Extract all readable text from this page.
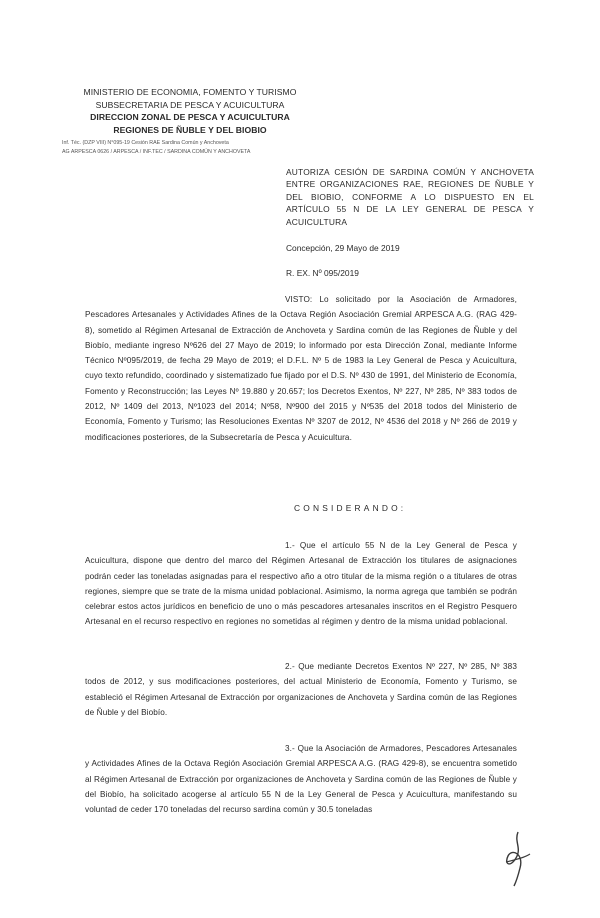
MINISTERIO DE ECONOMIA, FOMENTO Y TURISMO
SUBSECRETARIA DE PESCA Y ACUICULTURA
DIRECCION ZONAL DE PESCA Y ACUICULTURA
REGIONES DE ÑUBLE Y DEL BIOBIO
Inf. Téc. (DZP VIII) N°095-19 Cesión RAE Sardina Común y Anchoveta
AG ARPESCA 0626 / ARPESCA / INF.TEC / SARDINA COMÚN Y ANCHOVETA
AUTORIZA CESIÓN DE SARDINA COMÚN Y ANCHOVETA ENTRE ORGANIZACIONES RAE, REGIONES DE ÑUBLE Y DEL BIOBIO, CONFORME A LO DISPUESTO EN EL ARTÍCULO 55 N DE LA LEY GENERAL DE PESCA Y ACUICULTURA
Concepción, 29 Mayo de 2019
R. EX. Nº 095/2019
VISTO: Lo solicitado por la Asociación de Armadores, Pescadores Artesanales y Actividades Afines de la Octava Región Asociación Gremial ARPESCA A.G. (RAG 429-8), sometido al Régimen Artesanal de Extracción de Anchoveta y Sardina común de las Regiones de Ñuble y del Biobío, mediante ingreso Nº626 del 27 Mayo de 2019; lo informado por esta Dirección Zonal, mediante Informe Técnico Nº095/2019, de fecha 29 Mayo de 2019; el D.F.L. Nº 5 de 1983 la Ley General de Pesca y Acuicultura, cuyo texto refundido, coordinado y sistematizado fue fijado por el D.S. Nº 430 de 1991, del Ministerio de Economía, Fomento y Reconstrucción; las Leyes Nº 19.880 y 20.657; los Decretos Exentos, Nº 227, Nº 285, Nº 383 todos de 2012, Nº 1409 del 2013, Nº1023 del 2014; Nº58, Nº900 del 2015 y Nº535 del 2018 todos del Ministerio de Economía, Fomento y Turismo; las Resoluciones Exentas Nº 3207 de 2012, Nº 4536 del 2018 y Nº 266 de 2019 y modificaciones posteriores, de la Subsecretaría de Pesca y Acuicultura.
CONSIDERANDO:
1.- Que el artículo 55 N de la Ley General de Pesca y Acuicultura, dispone que dentro del marco del Régimen Artesanal de Extracción los titulares de asignaciones podrán ceder las toneladas asignadas para el respectivo año a otro titular de la misma región o a titulares de otras regiones, siempre que se trate de la misma unidad poblacional. Asimismo, la norma agrega que también se podrán celebrar estos actos jurídicos en beneficio de uno o más pescadores artesanales inscritos en el Registro Pesquero Artesanal en el recurso respectivo en regiones no sometidas al régimen y dentro de la misma unidad poblacional.
2.- Que mediante Decretos Exentos Nº 227, Nº 285, Nº 383 todos de 2012, y sus modificaciones posteriores, del actual Ministerio de Economía, Fomento y Turismo, se estableció el Régimen Artesanal de Extracción por organizaciones de Anchoveta y Sardina común de las Regiones de Ñuble y del Biobío.
3.- Que la Asociación de Armadores, Pescadores Artesanales y Actividades Afines de la Octava Región Asociación Gremial ARPESCA A.G. (RAG 429-8), se encuentra sometido al Régimen Artesanal de Extracción por organizaciones de Anchoveta y Sardina común de las Regiones de Ñuble y del Biobío, ha solicitado acogerse al artículo 55 N de la Ley General de Pesca y Acuicultura, manifestando su voluntad de ceder 170 toneladas del recurso sardina común y 30.5 toneladas
